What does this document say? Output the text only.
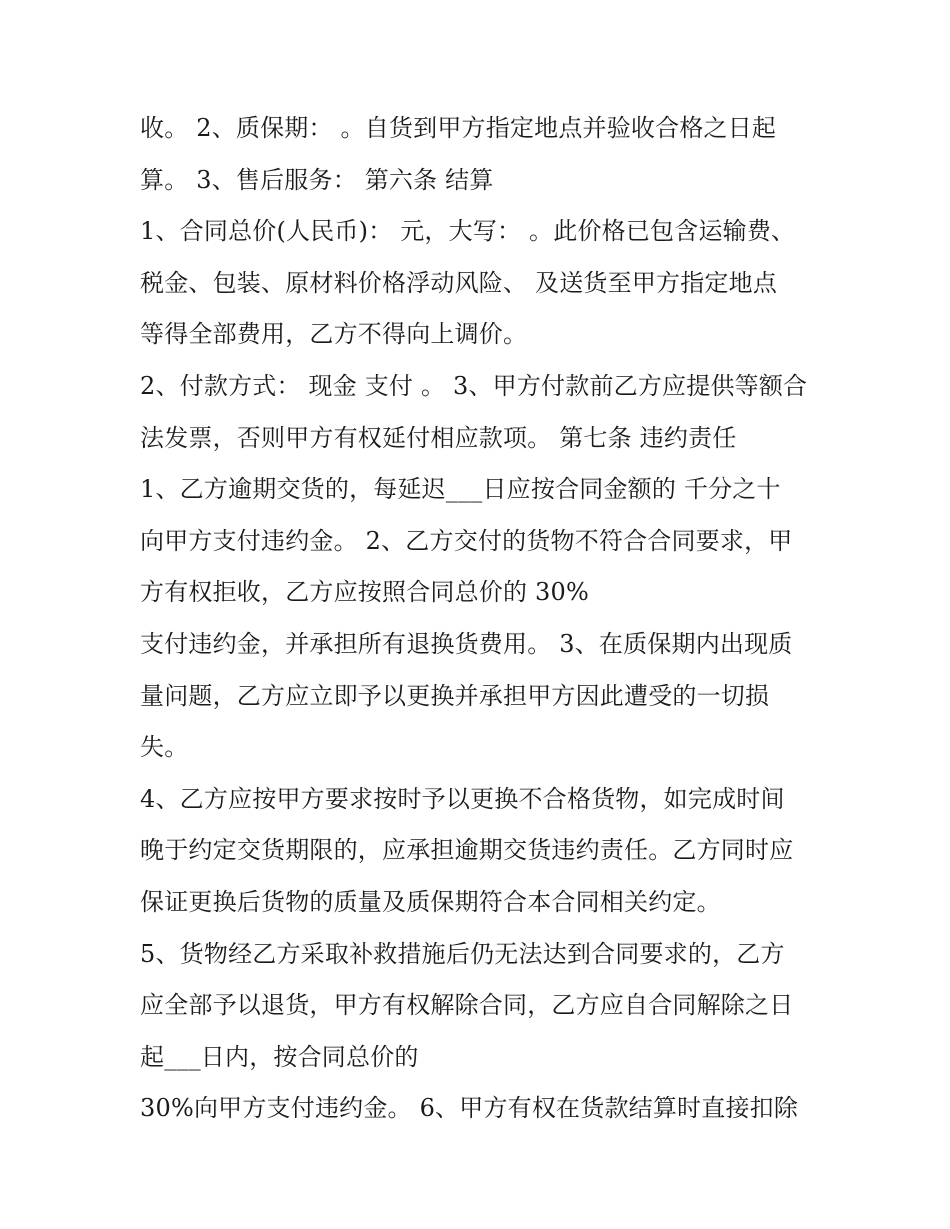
收。 2、质保期： 。自货到甲方指定地点并验收合格之日起
算。 3、售后服务： 第六条 结算
1、合同总价(人民币)： 元，大写： 。此价格已包含运输费、
税金、包装、原材料价格浮动风险、 及送货至甲方指定地点
等得全部费用，乙方不得向上调价。
2、付款方式： 现金 支付 。 3、甲方付款前乙方应提供等额合
法发票，否则甲方有权延付相应款项。 第七条 违约责任
1、乙方逾期交货的，每延迟___日应按合同金额的 千分之十
向甲方支付违约金。 2、乙方交付的货物不符合合同要求，甲
方有权拒收，乙方应按照合同总价的 30%
支付违约金，并承担所有退换货费用。 3、在质保期内出现质
量问题，乙方应立即予以更换并承担甲方因此遭受的一切损
失。
4、乙方应按甲方要求按时予以更换不合格货物，如完成时间
晚于约定交货期限的，应承担逾期交货违约责任。乙方同时应
保证更换后货物的质量及质保期符合本合同相关约定。
5、货物经乙方采取补救措施后仍无法达到合同要求的，乙方
应全部予以退货，甲方有权解除合同，乙方应自合同解除之日
起___日内，按合同总价的
30%向甲方支付违约金。 6、甲方有权在货款结算时直接扣除
